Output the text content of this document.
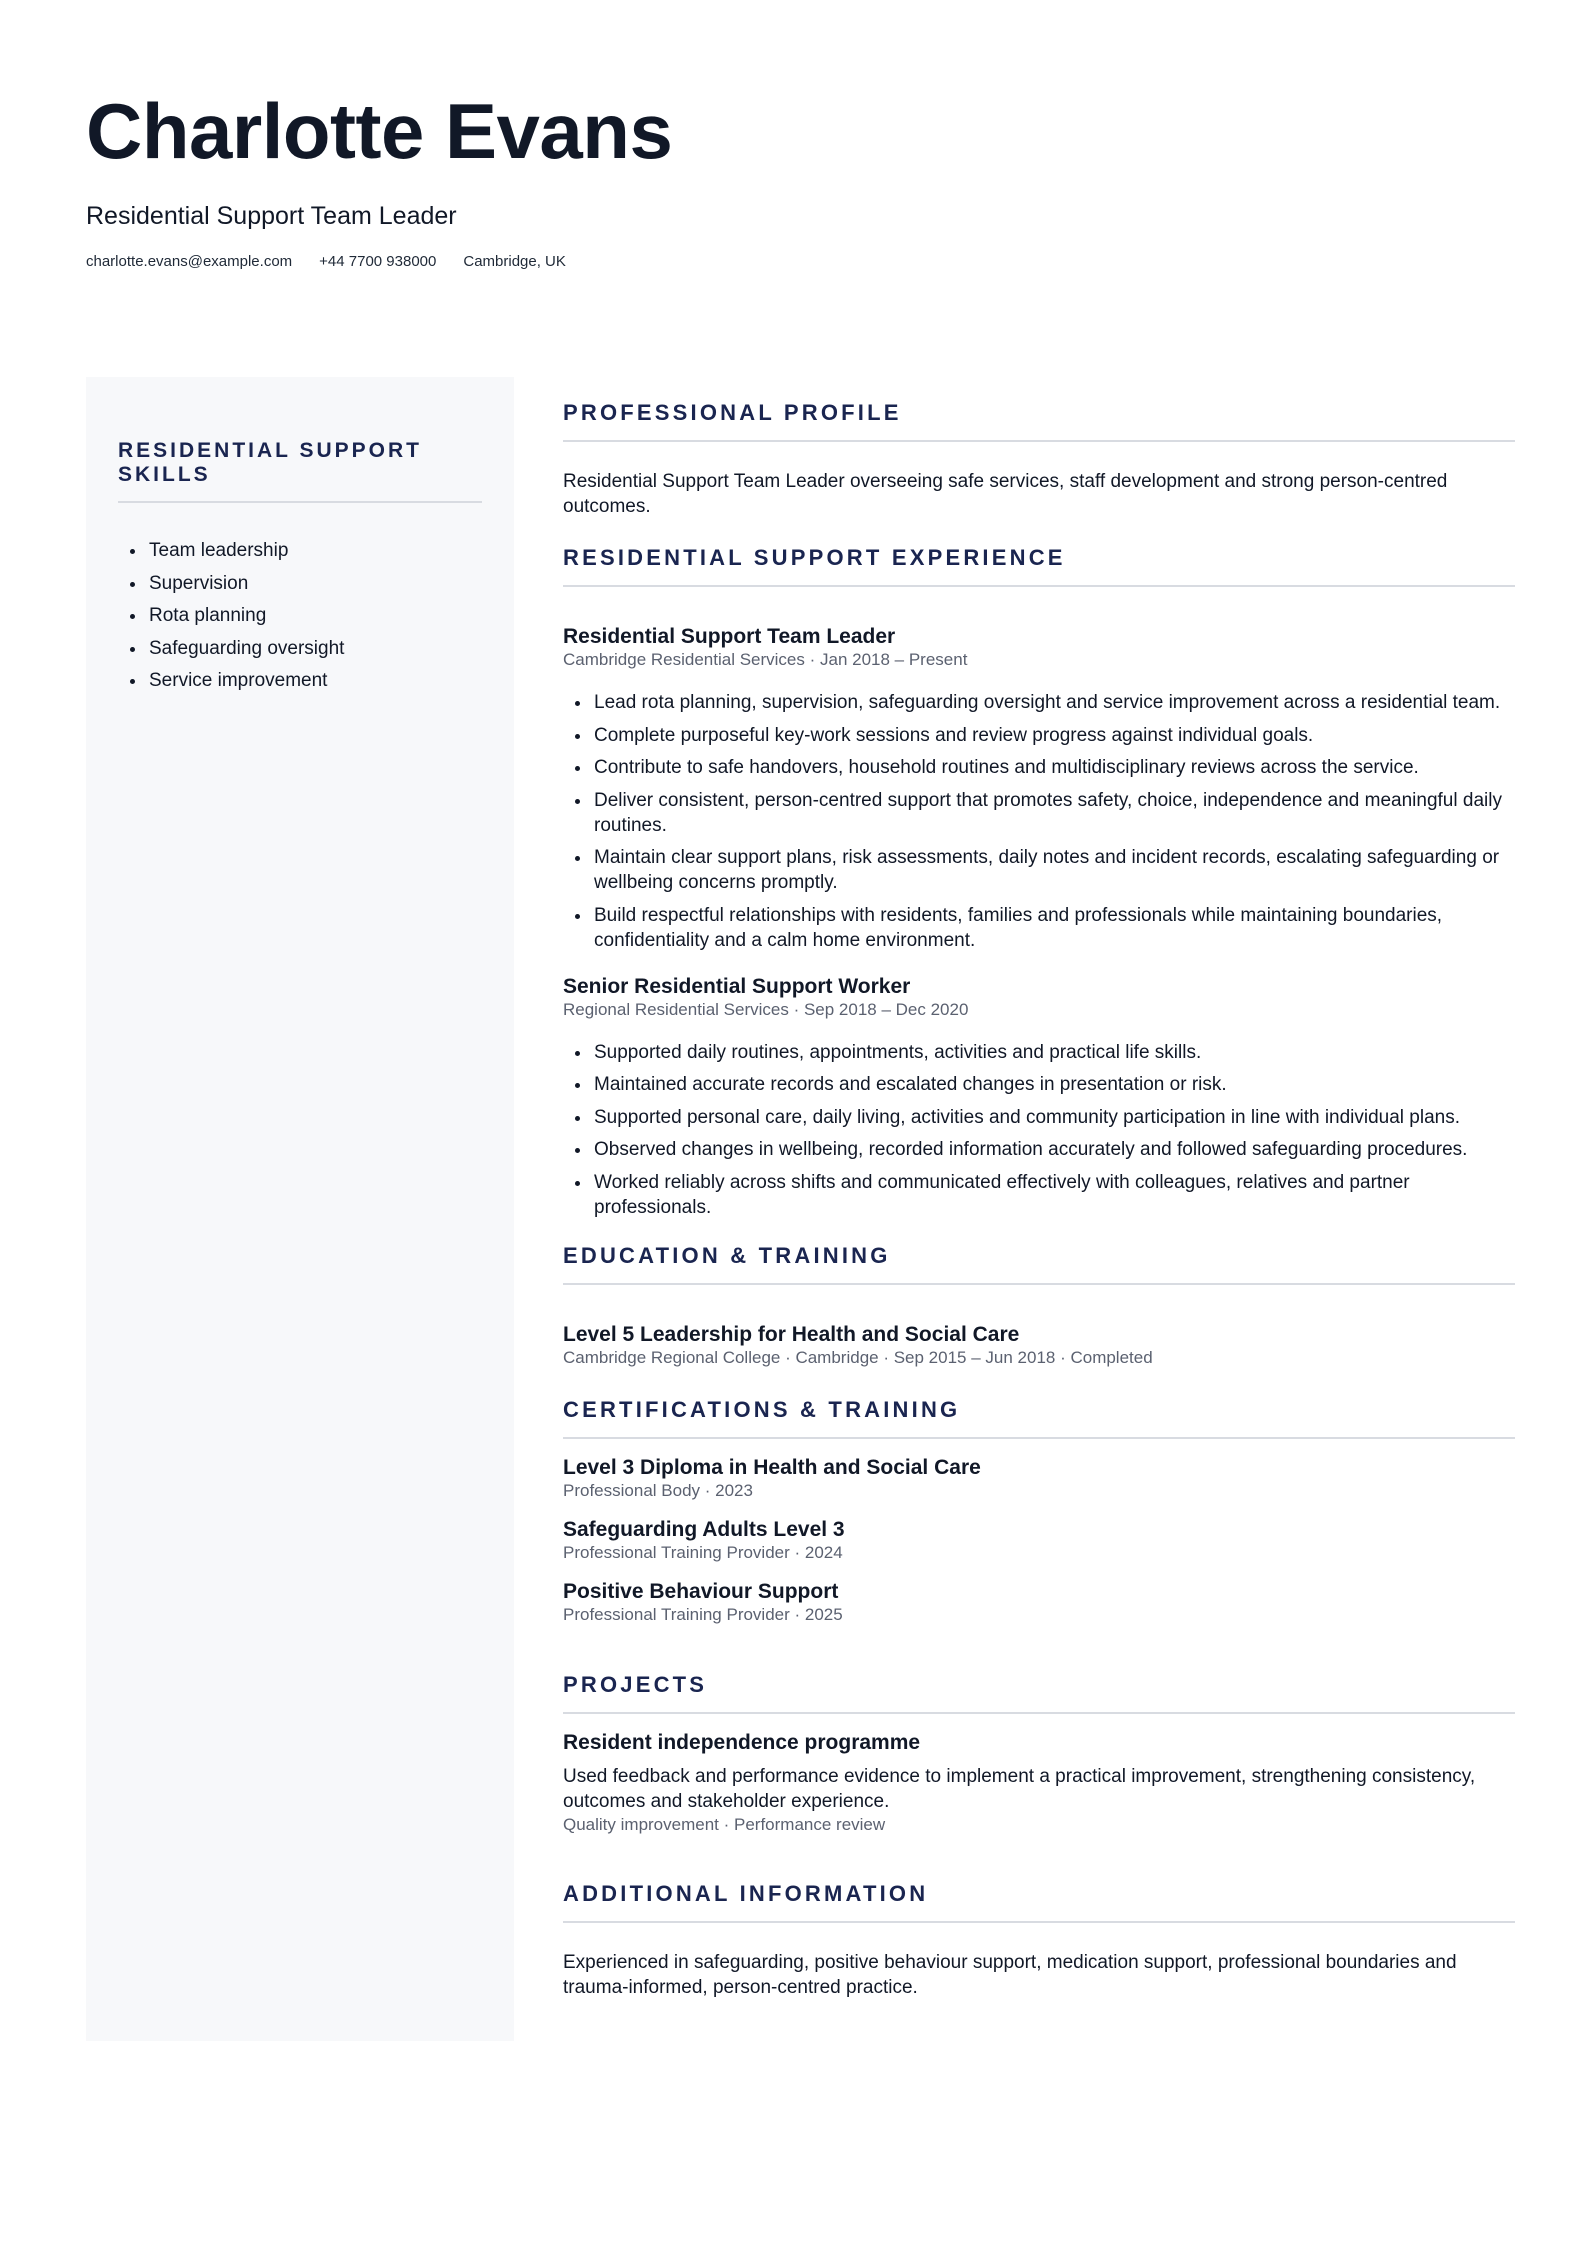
Charlotte Evans
Residential Support Team Leader
charlotte.evans@example.com +44 7700 938000 Cambridge, UK
RESIDENTIAL SUPPORT SKILLS
• Team leadership
• Supervision
• Rota planning
• Safeguarding oversight
• Service improvement
PROFESSIONAL PROFILE
Residential Support Team Leader overseeing safe services, staff development and strong person-centred outcomes.
RESIDENTIAL SUPPORT EXPERIENCE
Residential Support Team Leader
Cambridge Residential Services · Jan 2018 – Present
• Lead rota planning, supervision, safeguarding oversight and service improvement across a residential team.
• Complete purposeful key-work sessions and review progress against individual goals.
• Contribute to safe handovers, household routines and multidisciplinary reviews across the service.
• Deliver consistent, person-centred support that promotes safety, choice, independence and meaningful daily routines.
• Maintain clear support plans, risk assessments, daily notes and incident records, escalating safeguarding or wellbeing concerns promptly.
• Build respectful relationships with residents, families and professionals while maintaining boundaries, confidentiality and a calm home environment.
Senior Residential Support Worker
Regional Residential Services · Sep 2018 – Dec 2020
• Supported daily routines, appointments, activities and practical life skills.
• Maintained accurate records and escalated changes in presentation or risk.
• Supported personal care, daily living, activities and community participation in line with individual plans.
• Observed changes in wellbeing, recorded information accurately and followed safeguarding procedures.
• Worked reliably across shifts and communicated effectively with colleagues, relatives and partner professionals.
EDUCATION & TRAINING
Level 5 Leadership for Health and Social Care
Cambridge Regional College · Cambridge · Sep 2015 – Jun 2018 · Completed
CERTIFICATIONS & TRAINING
Level 3 Diploma in Health and Social Care
Professional Body · 2023
Safeguarding Adults Level 3
Professional Training Provider · 2024
Positive Behaviour Support
Professional Training Provider · 2025
PROJECTS
Resident independence programme
Used feedback and performance evidence to implement a practical improvement, strengthening consistency, outcomes and stakeholder experience.
Quality improvement · Performance review
ADDITIONAL INFORMATION
Experienced in safeguarding, positive behaviour support, medication support, professional boundaries and trauma-informed, person-centred practice.
